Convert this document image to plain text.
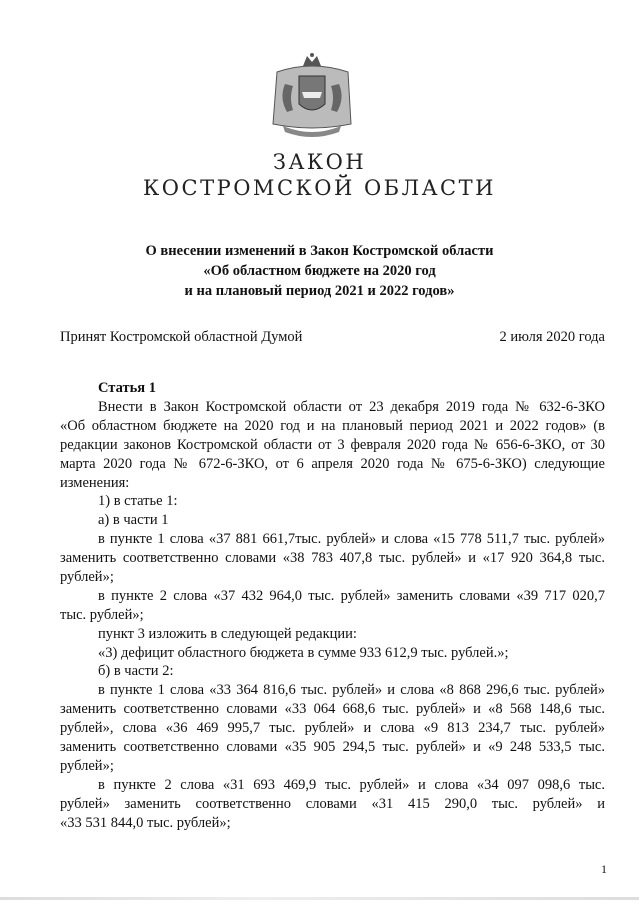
ЗАКОН
КОСТРОМСКОЙ ОБЛАСТИ
О внесении изменений в Закон Костромской области
«Об областном бюджете на 2020 год
и на плановый период 2021 и 2022 годов»
Принят Костромской областной Думой	2 июля 2020 года
Статья 1
Внести в Закон Костромской области от 23 декабря 2019 года № 632-6-ЗКО
«Об областном бюджете на 2020 год и на плановый период 2021 и 2022 годов» (в
редакции законов Костромской области от 3 февраля 2020 года № 656-6-ЗКО, от 30
марта 2020 года № 672-6-ЗКО, от 6 апреля 2020 года № 675-6-ЗКО) следующие
изменения:
1) в статье 1:
а) в части 1
в пункте 1 слова «37 881 661,7тыс. рублей» и слова «15 778 511,7 тыс. рублей»
заменить соответственно словами «38 783 407,8 тыс. рублей» и «17 920 364,8 тыс.
рублей»;
в пункте 2 слова «37 432 964,0 тыс. рублей» заменить словами «39 717 020,7
тыс. рублей»;
пункт 3 изложить в следующей редакции:
«3) дефицит областного бюджета в сумме 933 612,9 тыс. рублей.»;
б) в части 2:
в пункте 1 слова «33 364 816,6 тыс. рублей» и слова «8 868 296,6 тыс. рублей»
заменить соответственно словами «33 064 668,6 тыс. рублей» и «8 568 148,6 тыс.
рублей», слова «36 469 995,7 тыс. рублей» и слова «9 813 234,7 тыс. рублей»
заменить соответственно словами «35 905 294,5 тыс. рублей» и «9 248 533,5 тыс.
рублей»;
в пункте 2 слова «31 693 469,9 тыс. рублей» и слова «34 097 098,6 тыс.
рублей» заменить соответственно словами «31 415 290,0 тыс. рублей» и
«33 531 844,0 тыс. рублей»;
1
